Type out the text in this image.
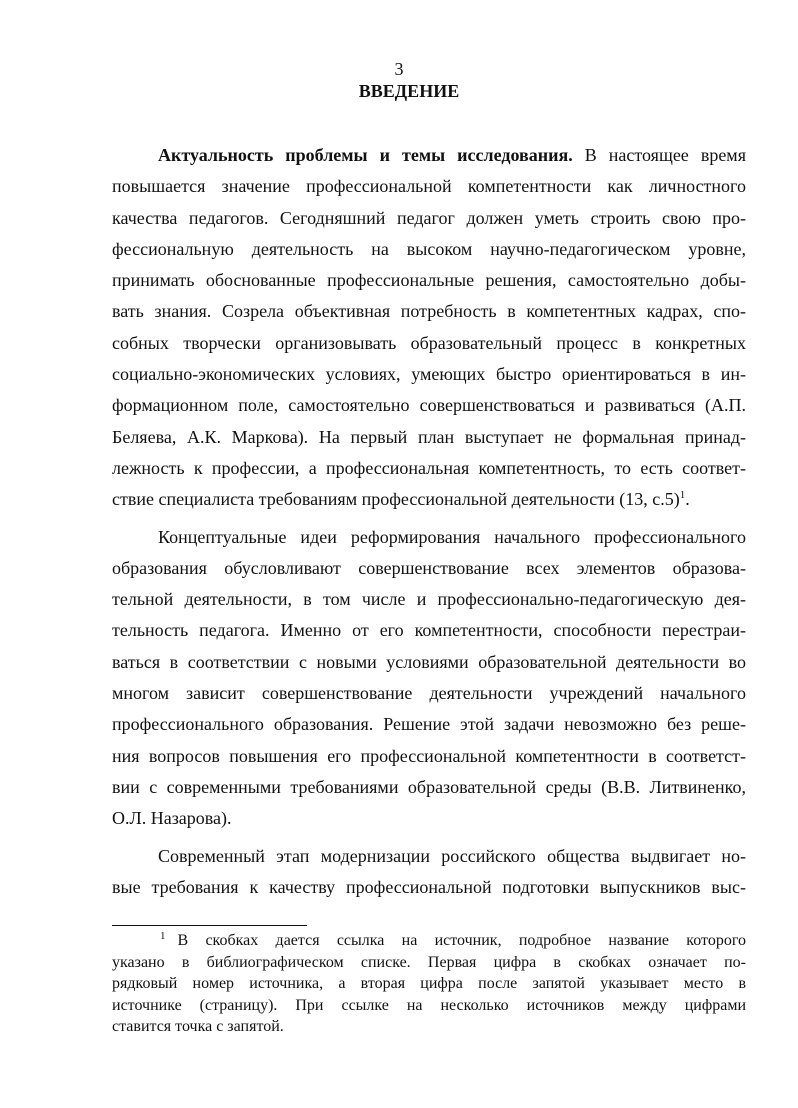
3
ВВЕДЕНИЕ
Актуальность проблемы и темы исследования. В настоящее время
повышается значение профессиональной компетентности как личностного
качества педагогов. Сегодняшний педагог должен уметь строить свою про-
фессиональную деятельность на высоком научно-педагогическом уровне,
принимать обоснованные профессиональные решения, самостоятельно добы-
вать знания. Созрела объективная потребность в компетентных кадрах, спо-
собных творчески организовывать образовательный процесс в конкретных
социально-экономических условиях, умеющих быстро ориентироваться в ин-
формационном поле, самостоятельно совершенствоваться и развиваться (А.П.
Беляева, А.К. Маркова). На первый план выступает не формальная принад-
лежность к профессии, а профессиональная компетентность, то есть соответ-
ствие специалиста требованиям профессиональной деятельности (13, с.5)$^1$.
Концептуальные идеи реформирования начального профессионального
образования обусловливают совершенствование всех элементов образова-
тельной деятельности, в том числе и профессионально-педагогическую дея-
тельность педагога. Именно от его компетентности, способности перестраи-
ваться в соответствии с новыми условиями образовательной деятельности во
многом зависит совершенствование деятельности учреждений начального
профессионального образования. Решение этой задачи невозможно без реше-
ния вопросов повышения его профессиональной компетентности в соответст-
вии с современными требованиями образовательной среды (В.В. Литвиненко,
О.Л. Назарова).
Современный этап модернизации российского общества выдвигает но-
вые требования к качеству профессиональной подготовки выпускников выс-
$^1$ В скобках дается ссылка на источник, подробное название которого
указано в библиографическом списке. Первая цифра в скобках означает по-
рядковый номер источника, а вторая цифра после запятой указывает место в
источнике (страницу). При ссылке на несколько источников между цифрами
ставится точка с запятой.
